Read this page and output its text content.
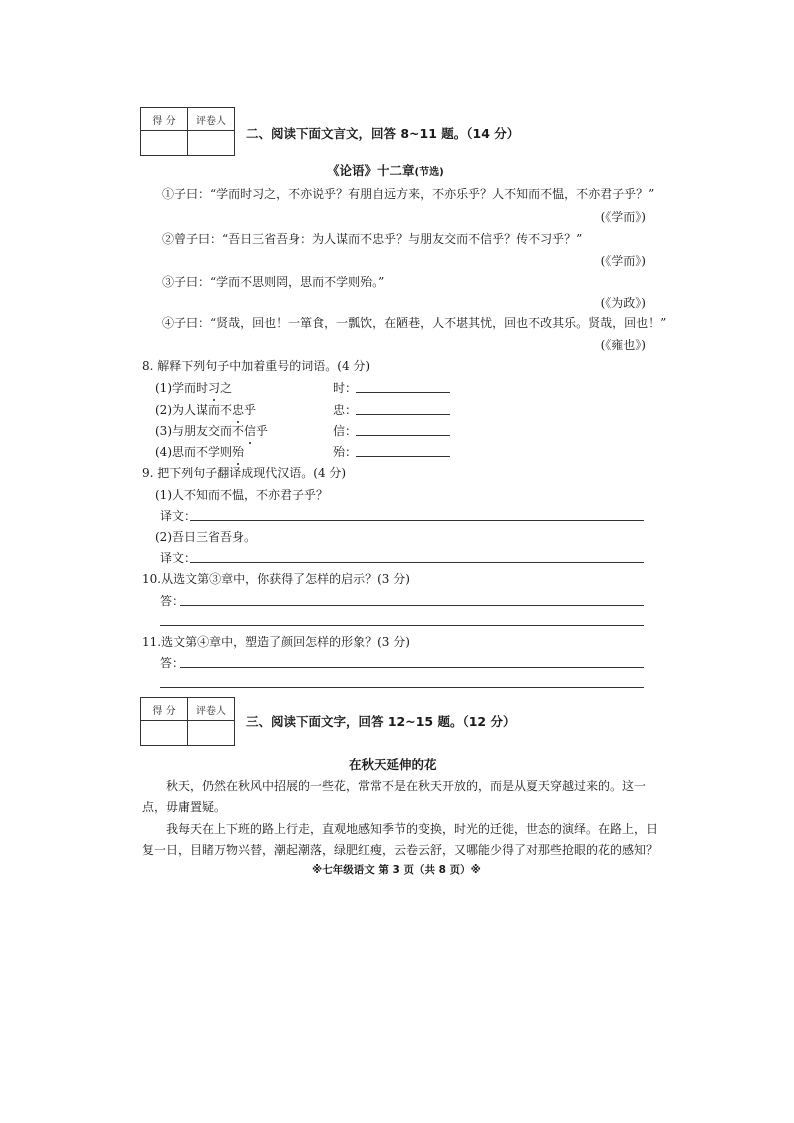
得 分	评卷人

二、阅读下面文言文，回答 8~11 题。（14 分）
《论语》十二章(节选)
①子曰：“学而时习之，不亦说乎？有朋自远方来，不亦乐乎？人不知而不愠，不亦君子乎？”
(《学而》)
②曾子曰：“吾日三省吾身：为人谋而不忠乎？与朋友交而不信乎？传不习乎？”
(《学而》)
③子曰：“学而不思则罔，思而不学则殆。”
(《为政》)
④子曰：“贤哉，回也！一箪食，一瓢饮，在陋巷，人不堪其忧，回也不改其乐。贤哉，回也！”
(《雍也》)
8. 解释下列句子中加着重号的词语。(4 分)
(1)学而时习之	时：
(2)为人谋而不忠乎	忠：
(3)与朋友交而不信乎	信：
(4)思而不学则殆	殆：
9. 把下列句子翻译成现代汉语。(4 分)
(1)人不知而不愠，不亦君子乎？
译文：
(2)吾日三省吾身。
译文：
10.从选文第③章中，你获得了怎样的启示？(3 分)
答：
11.选文第④章中，塑造了颜回怎样的形象？(3 分)
答：
得 分	评卷人

三、阅读下面文字，回答 12~15 题。（12 分）
在秋天延伸的花
秋天，仍然在秋风中招展的一些花，常常不是在秋天开放的，而是从夏天穿越过来的。这一
点，毋庸置疑。
我每天在上下班的路上行走，直观地感知季节的变换，时光的迁徙，世态的演绎。在路上，日
复一日，目睹万物兴替，潮起潮落，绿肥红瘦，云卷云舒，又哪能少得了对那些抢眼的花的感知？
※七年级语文 第 3 页（共 8 页）※
